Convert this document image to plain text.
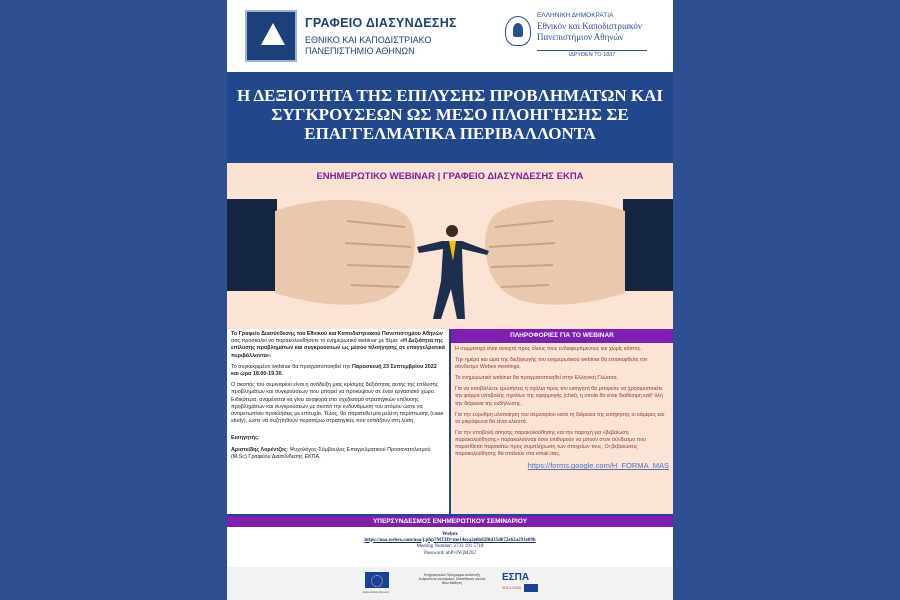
ΓΡΑΦΕΙΟ ΔΙΑΣΥΝΔΕΣΗΣ
ΕΘΝΙΚΟ ΚΑΙ ΚΑΠΟΔΙΣΤΡΙΑΚΟ
ΠΑΝΕΠΙΣΤΗΜΙΟ ΑΘΗΝΩΝ
ΕΛΛΗΝΙΚΗ ΔΗΜΟΚΡΑΤΙΑ
Εθνικόν και Καποδιστριακόν
Πανεπιστήμιον Αθηνών
ΙΔΡΥΘΕΝ ΤΟ 1837
Η ΔΕΞΙΟΤΗΤΑ ΤΗΣ ΕΠΙΛΥΣΗΣ ΠΡΟΒΛΗΜΑΤΩΝ ΚΑΙ
ΣΥΓΚΡΟΥΣΕΩΝ ΩΣ ΜΕΣΟ ΠΛΟΗΓΗΣΗΣ ΣΕ
ΕΠΑΓΓΕΛΜΑΤΙΚΑ ΠΕΡΙΒΑΛΛΟΝΤΑ
ΕΝΗΜΕΡΩΤΙΚΟ WEBINAR | ΓΡΑΦΕΙΟ ΔΙΑΣΥΝΔΕΣΗΣ ΕΚΠΑ

Το Γραφείο Διασύνδεσης του Εθνικού και Καποδιστριακού Πανεπιστημίου Αθηνών σας προσκαλεί να παρακολουθήσετε το ενημερωτικό webinar με θέμα: «Η Δεξιότητα της επίλυσης προβλημάτων και συγκρούσεων ως μέσου πλοήγησης σε επαγγελματικά περιβάλλοντα».

Το συγκεκριμένο webinar θα πραγματοποιηθεί την Παρασκευή 23 Σεπτεμβρίου 2022 και ώρα 18.00-19.30.

Ο σκοπός του σεμιναρίου είναι η ανάδειξη μιας κρίσιμης δεξιότητας αυτής της επίλυσης προβλημάτων και συγκρούσεων που μπορεί να προκύψουν σε έναν εργασιακό χώρο. Ειδικότερα, αναμένεται να γίνει αναφορά στο σχεδιασμό στρατηγικών επίλυσης προβλημάτων και συγκρούσεων με σκοπό την ενδυνάμωση του ατόμου ώστε να αντιμετωπίσει προκλήσεις με επιτυχία. Τέλος, θα παρατεθεί μία μελέτη περίπτωσης (case study), ώστε να συζητηθούν περαιτέρω στρατηγικές που εστιάζουν στη λύση.

Εισηγητής:

Αριστείδης Λορέντζος: Ψυχολόγος-Σύμβουλος Επαγγελματικού Προσανατολισμού (M.Sc) Γραφείου Διασύνδεσης ΕΚΠΑ.

ΠΛΗΡΟΦΟΡΙΕΣ ΓΙΑ ΤΟ WEBINAR

Η συμμετοχή είναι ανοιχτή προς όλους τους ενδιαφερόμενους και χωρίς κόστος.

Την ημέρα και ώρα της διεξαγωγής του ενημερωτικού webinar θα επισκεφθείτε τον σύνδεσμο Webex meetings.

Το ενημερωτικό webinar θα πραγματοποιηθεί στην Ελληνική Γλώσσα.

Για να υποβάλλετε ερωτήσεις ή σχόλια προς τον εισηγητή θα μπορείτε να χρησιμοποιείτε την φόρμα υποβολής σχολίων της εφαρμογής (chat), η οποία θα είναι διαθέσιμη καθ' όλη την διάρκεια της εκδήλωσης.

Για την εύρυθμη υλοποίηση του σεμιναρίου κατά τη διάρκεια της εισήγησης οι κάμερες και τα μικρόφωνα θα είναι κλειστά.

Για την υποβολή αίτησης παρακολούθησης και την παροχή για «βεβαίωση παρακολούθησης» παρακαλούνται όσοι επιθυμούν να μπουν στον σύνδεσμο που παρατίθεται παρακάτω προς συμπλήρωση των στοιχείων τους. Οι βεβαιώσεις παρακολούθησης θα σταλούν στα email σας.

https://forms.google.com/H_FORMA_MAS
ΥΠΕΡΣΥΝΔΕΣΜΟΣ ΕΝΗΜΕΡΩΤΙΚΟΥ ΣΕΜΙΝΑΡΙΟΥ
Webex
https://uoa.webex.com/uoa/j.php?MTID=me14eca2e6b82f8d35d672e62a291e09b
Meeting Number: 2733 191 5718
Password: ahPvJWjM262
Ευρωπαϊκή Ένωση
Επιχειρησιακό Πρόγραμμα Ανάπτυξη Ανθρώπινου Δυναμικού, Εκπαίδευση και Διά Βίου Μάθηση
ΕΣΠΑ
2014-2020
